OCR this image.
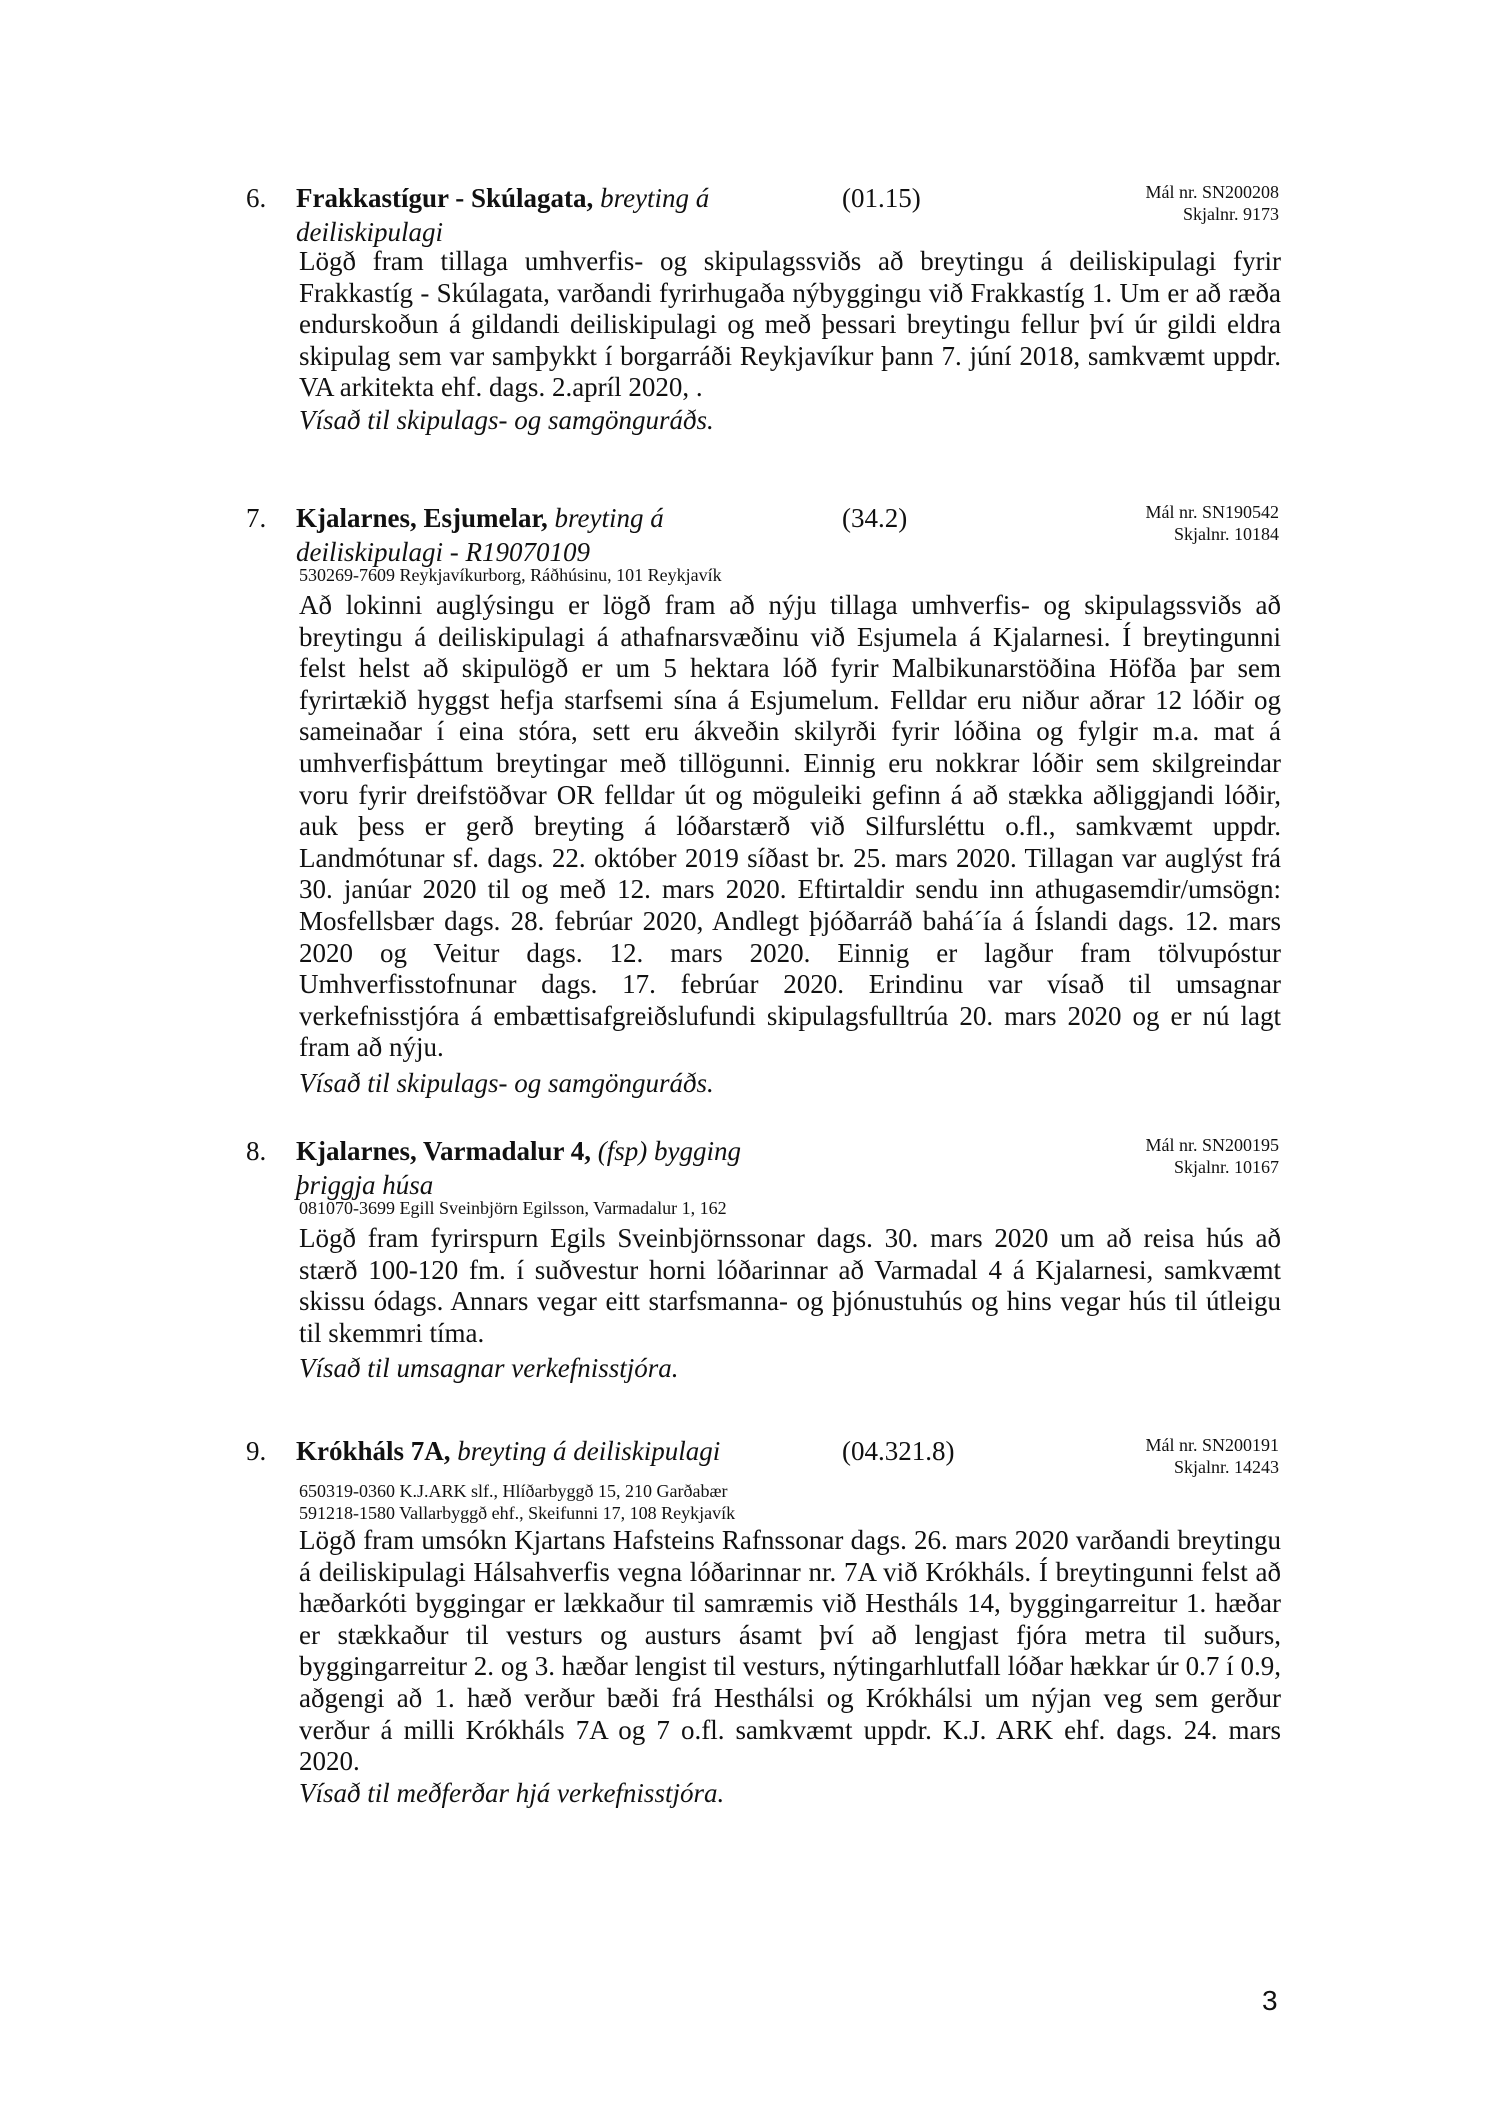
6. Frakkastígur - Skúlagata, breyting á deiliskipulagi
(01.15)	Mál nr. SN200208
Skjalnr. 9173

Lögð fram tillaga umhverfis- og skipulagssviðs að breytingu á deiliskipulagi fyrir Frakkastíg - Skúlagata, varðandi fyrirhugaða nýbyggingu við Frakkastíg 1. Um er að ræða endurskoðun á gildandi deiliskipulagi og með þessari breytingu fellur því úr gildi eldra skipulag sem var samþykkt í borgarráði Reykjavíkur þann 7. júní 2018, samkvæmt uppdr. VA arkitekta ehf. dags. 2.apríl 2020, .

Vísað til skipulags- og samgönguráðs.
7. Kjalarnes, Esjumelar, breyting á deiliskipulagi - R19070109
(34.2)	Mál nr. SN190542
Skjalnr. 10184
530269-7609 Reykjavíkurborg, Ráðhúsinu, 101 Reykjavík

Að lokinni auglýsingu er lögð fram að nýju tillaga umhverfis- og skipulagssviðs að breytingu á deiliskipulagi á athafnarsvæðinu við Esjumela á Kjalarnesi. Í breytingunni felst helst að skipulögð er um 5 hektara lóð fyrir Malbikunarstöðina Höfða þar sem fyrirtækið hyggst hefja starfsemi sína á Esjumelum. Felldar eru niður aðrar 12 lóðir og sameinaðar í eina stóra, sett eru ákveðin skilyrði fyrir lóðina og fylgir m.a. mat á umhverfisþáttum breytingar með tillögunni. Einnig eru nokkrar lóðir sem skilgreindar voru fyrir dreifstöðvar OR felldar út og möguleiki gefinn á að stækka aðliggjandi lóðir, auk þess er gerð breyting á lóðarstærð við Silfursléttu o.fl., samkvæmt uppdr. Landmótunar sf. dags. 22. október 2019 síðast br. 25. mars 2020. Tillagan var auglýst frá 30. janúar 2020 til og með 12. mars 2020. Eftirtaldir sendu inn athugasemdir/umsögn: Mosfellsbær dags. 28. febrúar 2020, Andlegt þjóðarráð bahá´ía á Íslandi dags. 12. mars 2020 og Veitur dags. 12. mars 2020. Einnig er lagður fram tölvupóstur Umhverfisstofnunar dags. 17. febrúar 2020. Erindinu var vísað til umsagnar verkefnisstjóra á embættisafgreiðslufundi skipulagsfulltrúa 20. mars 2020 og er nú lagt fram að nýju.

Vísað til skipulags- og samgönguráðs.
8. Kjalarnes, Varmadalur 4, (fsp) bygging þriggja húsa
Mál nr. SN200195
Skjalnr. 10167
081070-3699 Egill Sveinbjörn Egilsson, Varmadalur 1, 162

Lögð fram fyrirspurn Egils Sveinbjörnssonar dags. 30. mars 2020 um að reisa hús að stærð 100-120 fm. í suðvestur horni lóðarinnar að Varmadal 4 á Kjalarnesi, samkvæmt skissu ódags. Annars vegar eitt starfsmanna- og þjónustuhús og hins vegar hús til útleigu til skemmri tíma.

Vísað til umsagnar verkefnisstjóra.
9. Krókháls 7A, breyting á deiliskipulagi	(04.321.8)	Mál nr. SN200191
Skjalnr. 14243
650319-0360 K.J.ARK slf., Hlíðarbyggð 15, 210 Garðabær
591218-1580 Vallarbyggð ehf., Skeifunni 17, 108 Reykjavík

Lögð fram umsókn Kjartans Hafsteins Rafnssonar dags. 26. mars 2020 varðandi breytingu á deiliskipulagi Hálsahverfis vegna lóðarinnar nr. 7A við Krókháls. Í breytingunni felst að hæðarkóti byggingar er lækkaður til samræmis við Hestháls 14, byggingarreitur 1. hæðar er stækkaður til vesturs og austurs ásamt því að lengjast fjóra metra til suðurs, byggingarreitur 2. og 3. hæðar lengist til vesturs, nýtingarhlutfall lóðar hækkar úr 0.7 í 0.9, aðgengi að 1. hæð verður bæði frá Hesthálsi og Krókhálsi um nýjan veg sem gerður verður á milli Krókháls 7A og 7 o.fl. samkvæmt uppdr. K.J. ARK ehf. dags. 24. mars 2020.

Vísað til meðferðar hjá verkefnisstjóra.
3
